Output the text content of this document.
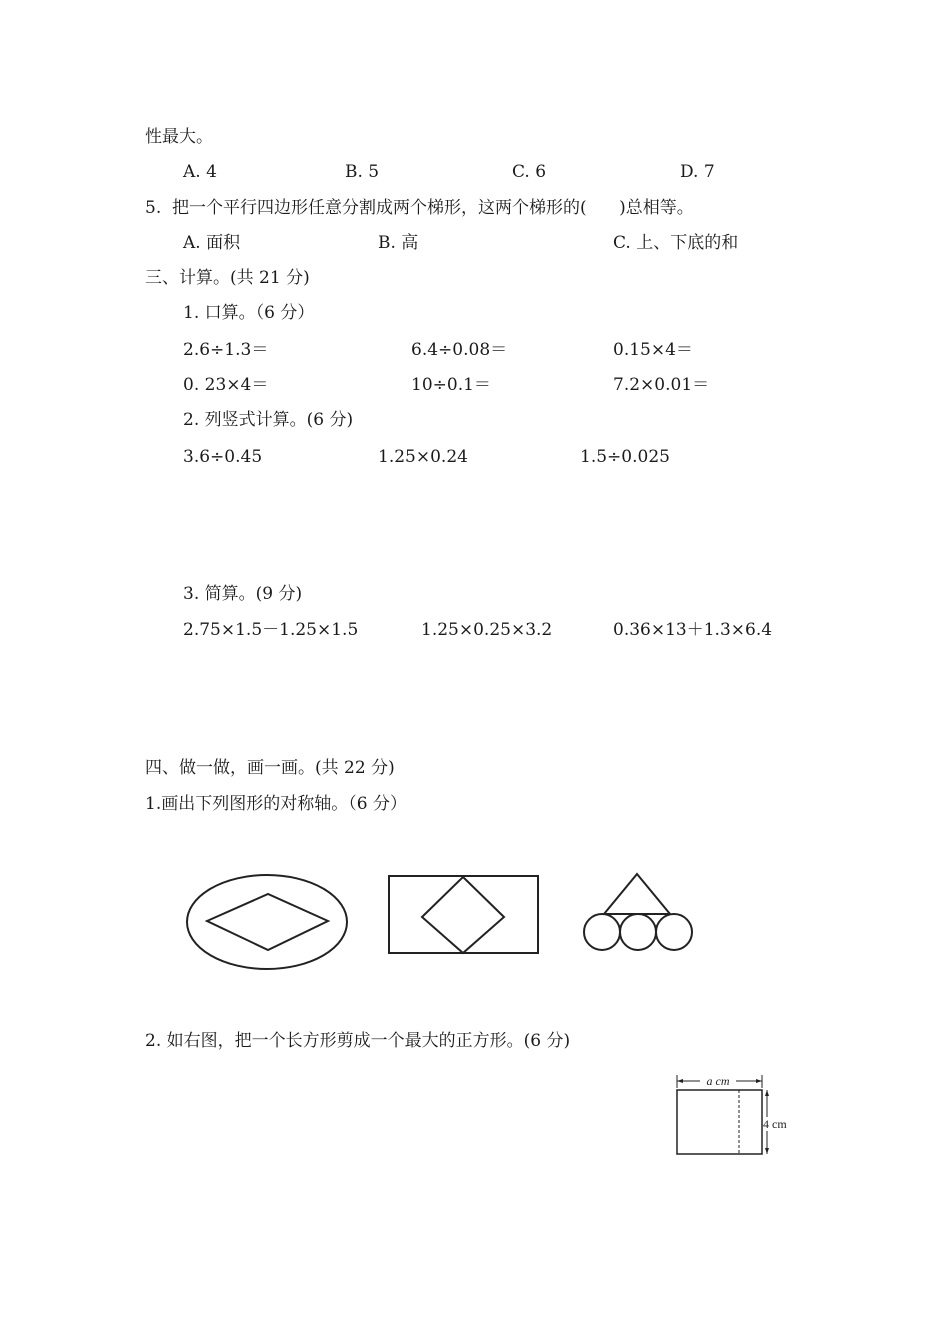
性最大。
A. 4	B. 5	C. 6	D. 7
5.  把一个平行四边形任意分割成两个梯形，这两个梯形的(      )总相等。
A. 面积	B. 高	C. 上、下底的和
三、计算。(共 21 分)
1. 口算。（6 分）
2.6÷1.3＝	6.4÷0.08＝	0.15×4＝
0. 23×4＝	10÷0.1＝	7.2×0.01＝
2. 列竖式计算。(6 分)
3.6÷0.45	1.25×0.24	1.5÷0.025
3. 简算。(9 分)
2.75×1.5－1.25×1.5	1.25×0.25×3.2	0.36×13＋1.3×6.4
四、做一做，画一画。(共 22 分)
1.画出下列图形的对称轴。（6 分）
2. 如右图，把一个长方形剪成一个最大的正方形。(6 分)
a cm
4 cm
